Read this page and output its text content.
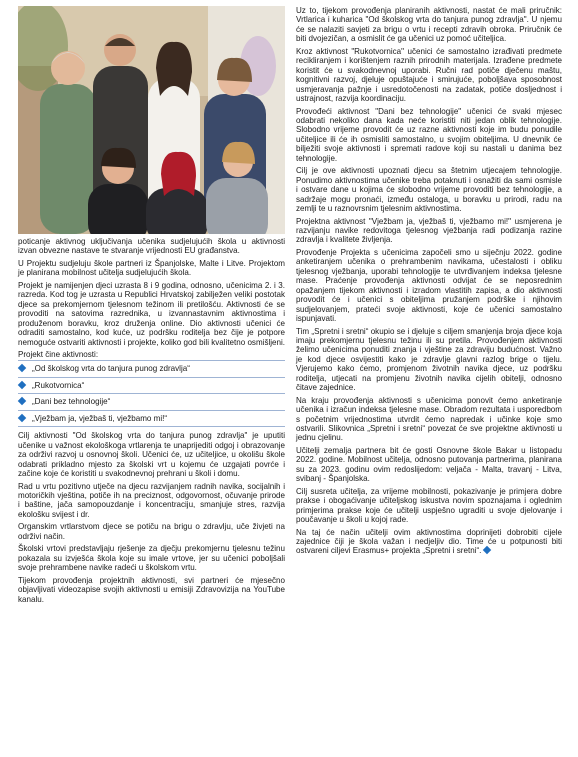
poticanje aktivnog uključivanja učenika sudjelujućih škola u aktivnosti izvan obvezne nastave te stvaranje vrijednosti EU građanstva.

U Projektu sudjeluju škole partneri iz Španjolske, Malte i Litve. Projektom je planirana mobilnost učitelja sudjelujućih škola.

Projekt je namijenjen djeci uzrasta 8 i 9 godina, odnosno, učenicima 2. i 3. razreda. Kod tog je uzrasta u Republici Hrvatskoj zabilježen veliki postotak djece sa prekomjernom tjelesnom težinom ili pretilošću. Aktivnosti će se provoditi na satovima razrednika, u izvannastavnim aktivnostima i produženom boravku, kroz druženja online. Dio aktivnosti učenici će odraditi samostalno, kod kuće, uz podršku roditelja bez čije je potpore nemoguće ostvariti aktivnosti i projekte, koliko god bili kvalitetno osmišljeni.

Projekt čine aktivnosti:

„Od školskog vrta do tanjura punog zdravlja“
„Rukotvornica“
„Dani bez tehnologije“
„Vježbam ja, vježbaš ti, vježbamo mi!“

Cilj aktivnosti "Od školskog vrta do tanjura punog zdravlja" je uputiti učenike u važnost ekološkoga vrtlarenja te unaprijediti odgoj i obrazovanje za održivi razvoj u osnovnoj školi. Učenici će, uz učiteljice, u okolišu škole odabrati prikladno mjesto za školski vrt u kojemu će uzgajati povrće i začine koje će koristiti u svakodnevnoj prehrani u školi i domu.

Rad u vrtu pozitivno utječe na djecu razvijanjem radnih navika, socijalnih i motoričkih vještina, potiče ih na preciznost, odgovornost, očuvanje prirode i baštine, jača samopouzdanje i koncentraciju, smanjuje stres, razvija ekološku svijest i dr.

Organskim vrtlarstvom djece se potiču na brigu o zdravlju, uče živjeti na održivi način.

Školski vrtovi predstavljaju rješenje za dječju prekomjernu tjelesnu težinu pokazala su izvješća škola koje su imale vrtove, jer su učenici poboljšali svoje prehrambene navike radeći u školskom vrtu.

Tijekom provođenja projektnih aktivnosti, svi partneri će mjesečno objavljivati videozapise svojih aktivnosti u emisiji Zdravovizija na YouTube kanalu.

Uz to, tijekom provođenja planiranih aktivnosti, nastat će mali priručnik: Vrtlarica i kuharica "Od školskog vrta do tanjura punog zdravlja". U njemu će se nalaziti savjeti za brigu o vrtu i recepti zdravih obroka. Priručnik će biti dvojezičan, a osmislit će ga učenici uz pomoć učiteljica.

Kroz aktivnost "Rukotvornica" učenici će samostalno izrađivati predmete recikliranjem i korištenjem raznih prirodnih materijala. Izrađene predmete koristit će u svakodnevnoj uporabi. Ručni rad potiče dječenu maštu, kognitivni razvoj, djeluje opuštajuće i smirujuće, poboljšava sposobnost usmjeravanja pažnje i usredotočenosti na zadatak, potiče dosljednost i ustrajnost, razvija koordinaciju.

Provođeći aktivnost "Dani bez tehnologije" učenici će svaki mjesec odabrati nekoliko dana kada neće koristiti niti jedan oblik tehnologije. Slobodno vrijeme provodit će uz razne aktivnosti koje im budu ponudile učiteljice ili će ih osmisliti samostalno, u svojim obiteljima. U dnevnik će bilježiti svoje aktivnosti i spremati radove koji su nastali u danima bez tehnologije.

Cilj je ove aktivnosti upoznati djecu sa štetnim utjecajem tehnologije. Ponudimo aktivnostima učenike treba potaknuti i osnažiti da sami osmisle i ostvare dane u kojima će slobodno vrijeme provoditi bez tehnologije, a sadržaje mogu pronaći, između ostaloga, u boravku u prirodi, radu na zemlji te u raznovrsnim tjelesnim aktivnostima.

Projektna aktivnost "Vježbam ja, vježbaš ti, vježbamo mi!" usmjerena je razvijanju navike redovitoga tjelesnog vježbanja radi podizanja razine zdravlja i kvalitete življenja.

Provođenje Projekta s učenicima započeli smo u siječnju 2022. godine anketiranjem učenika o prehrambenim navikama, učestalosti i obliku tjelesnog vježbanja, uporabi tehnologije te utvrđivanjem indeksa tjelesne mase. Praćenje provođenja aktivnosti odvijat će se neposrednim opažanjem tijekom aktivnosti i izradom vlastitih zapisa, a dio aktivnosti provodit će i učenici s obiteljima pružanjem podrške i njihovim sudjelovanjem, prateći svoje aktivnosti, koje će učenici samostalno ispunjavati.

Tim „Spretni i sretni“ okupio se i djeluje s ciljem smanjenja broja djece koja imaju prekomjernu tjelesnu težinu ili su pretila. Provođenjem aktivnosti želimo učenicima ponuditi znanja i vještine za zdraviju budućnost. Važno je kod djece osvijestiti kako je zdravlje glavni razlog brige o tijelu. Vjerujemo kako ćemo, promjenom životnih navika djece, uz podršku roditelja, utjecati na promjenu životnih navika cijelih obitelji, odnosno čitave zajednice.

Na kraju provođenja aktivnosti s učenicima ponovit ćemo anketiranje učenika i izračun indeksa tjelesne mase. Obradom rezultata i usporedbom s početnim vrijednostima utvrdit ćemo napredak i učinke koje smo ostvarili. Slikovnica „Spretni i sretni“ povezat će sve projektne aktivnosti u jednu cjelinu.

Učitelji zemalja partnera bit će gosti Osnovne škole Bakar u listopadu 2022. godine. Mobilnost učitelja, odnosno putovanja partnerima, planirana su za 2023. godinu ovim redoslijedom: veljača - Malta, travanj - Litva, svibanj - Španjolska.

Cilj susreta učitelja, za vrijeme mobilnosti, pokazivanje je primjera dobre prakse i obogaćivanje učiteljskog iskustva novim spoznajama i oglednim primjerima prakse koje će učitelji uspješno ugraditi u svoje djelovanje i poučavanje u školi u kojoj rade.

Na taj će način učitelji ovim aktivnostima doprinijeti dobrobiti cijele zajednice čiji je škola važan i nedjeljiv dio. Time će u potpunosti biti ostvareni ciljevi Erasmus+ projekta „Spretni i sretni“.
